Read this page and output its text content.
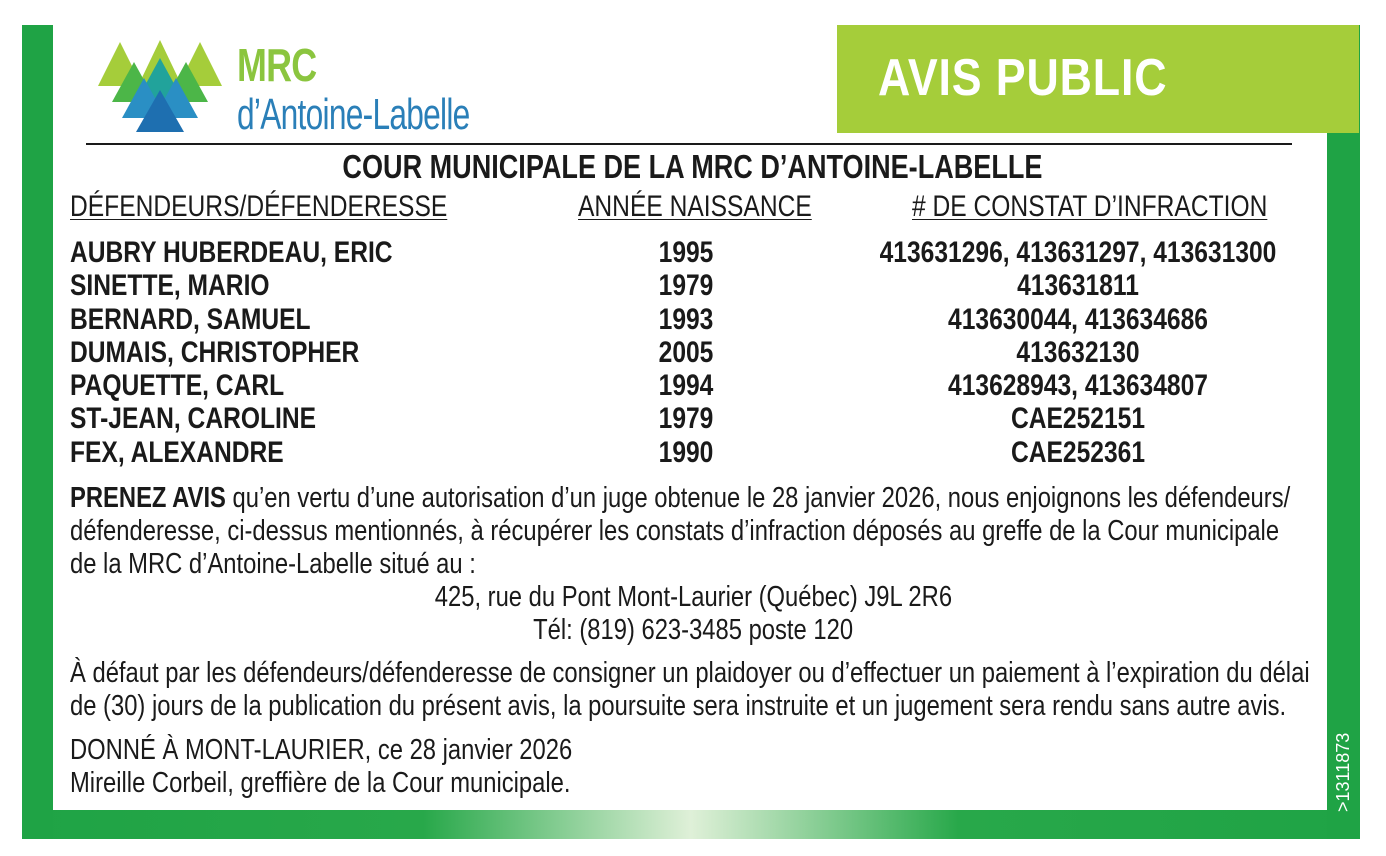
AVIS PUBLIC
MRC
d’Antoine-Labelle
COUR MUNICIPALE DE LA MRC D’ANTOINE-LABELLE
DÉFENDEURS/DÉFENDERESSE	ANNÉE NAISSANCE	# DE CONSTAT D’INFRACTION
AUBRY HUBERDEAU, ERIC	1995	413631296, 413631297, 413631300
SINETTE, MARIO	1979	413631811
BERNARD, SAMUEL	1993	413630044, 413634686
DUMAIS, CHRISTOPHER	2005	413632130
PAQUETTE, CARL	1994	413628943, 413634807
ST-JEAN, CAROLINE	1979	CAE252151
FEX, ALEXANDRE	1990	CAE252361
PRENEZ AVIS qu’en vertu d’une autorisation d’un juge obtenue le 28 janvier 2026, nous enjoignons les défendeurs/ défenderesse, ci-dessus mentionnés, à récupérer les constats d’infraction déposés au greffe de la Cour municipale de la MRC d’Antoine-Labelle situé au :
425, rue du Pont Mont-Laurier (Québec) J9L 2R6
Tél: (819) 623-3485 poste 120
À défaut par les défendeurs/défenderesse de consigner un plaidoyer ou d’effectuer un paiement à l’expiration du délai de (30) jours de la publication du présent avis, la poursuite sera instruite et un jugement sera rendu sans autre avis.
DONNÉ À MONT-LAURIER, ce 28 janvier 2026
Mireille Corbeil, greffière de la Cour municipale.	>1311873
